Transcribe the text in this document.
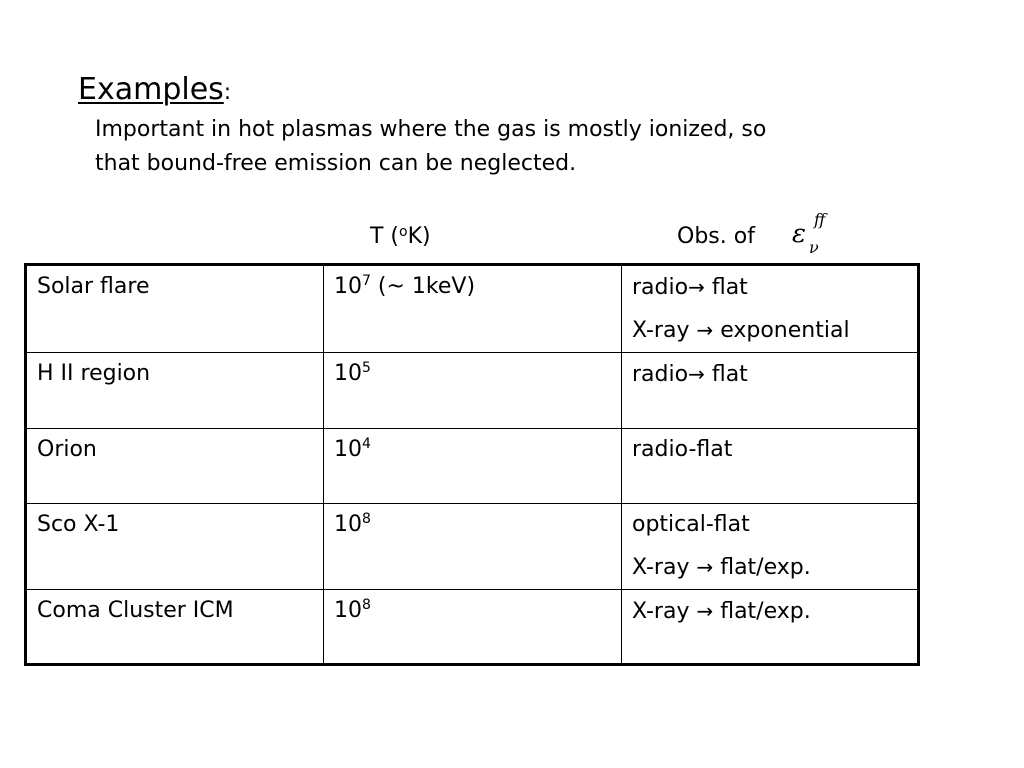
Examples:
Important in hot plasmas where the gas is mostly ionized, so
that bound-free emission can be neglected.
T ($^o$K)	Obs. of ε ν
ff
Solar flare	$10^7$ (~ 1keV)	radio→ flat
X-ray → exponential

H II region	$10^5$	radio→ flat

Orion	$10^4$	radio-flat

Sco X-1	$10^8$	optical-flat
X-ray → flat/exp.

Coma Cluster ICM	$10^8$	X-ray → flat/exp.
